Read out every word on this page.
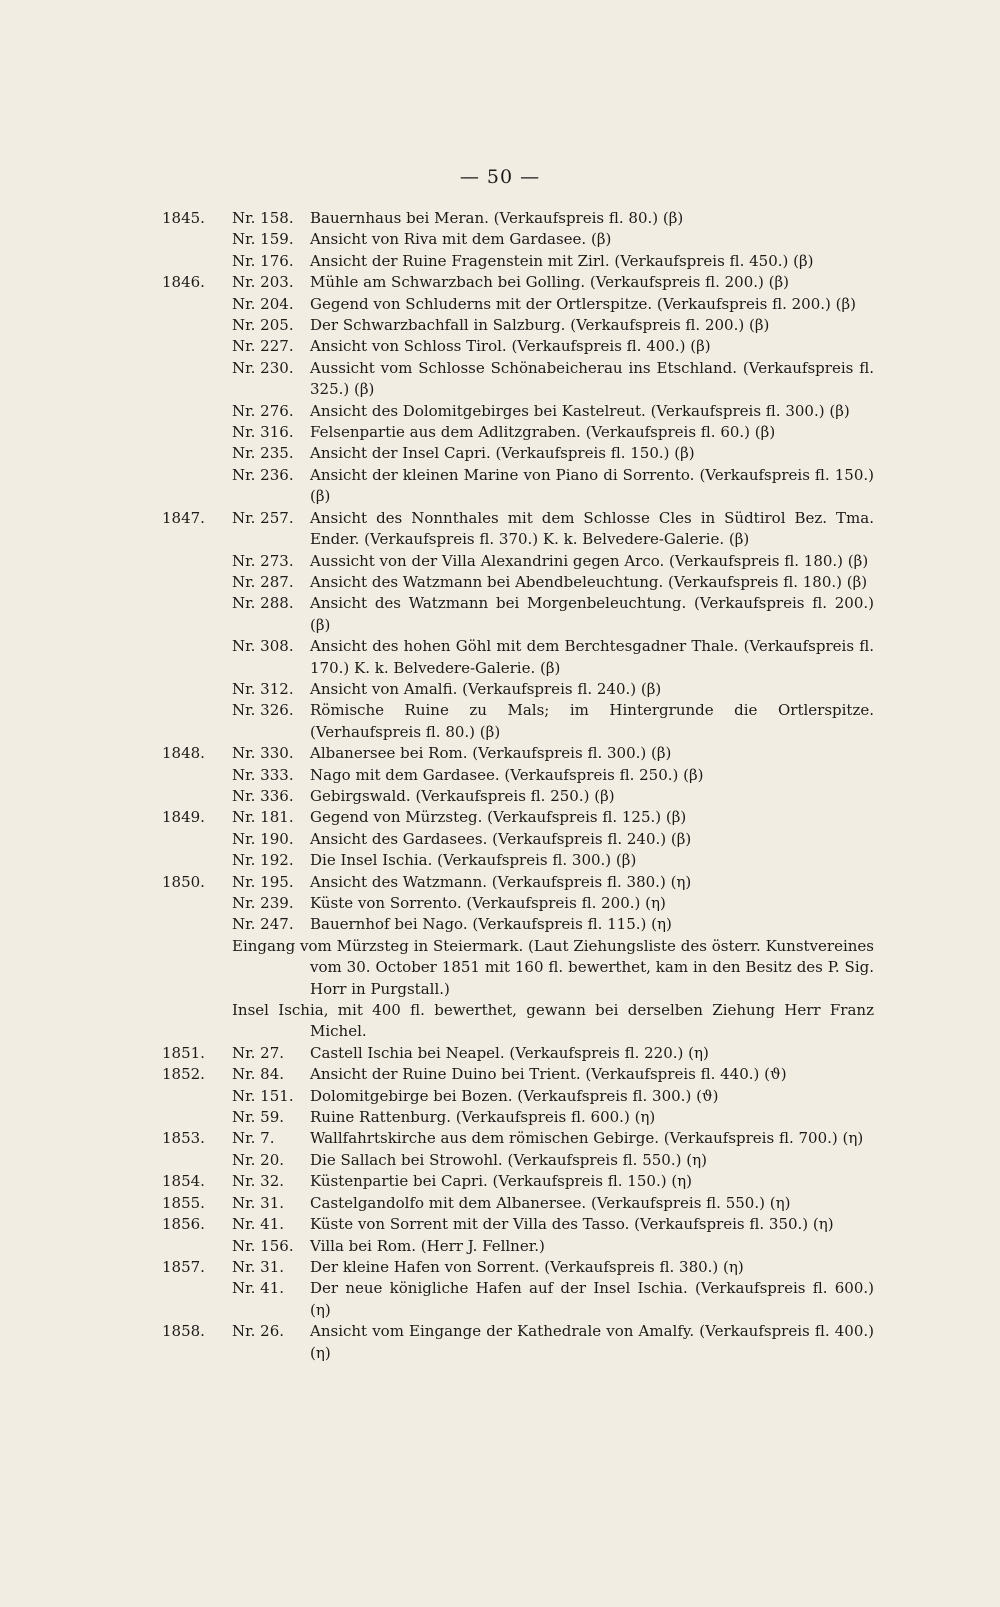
— 50 —

1845.	Nr. 158. Bauernhaus bei Meran. (Verkaufspreis fl. 80.) (β)

Nr. 159. Ansicht von Riva mit dem Gardasee. (β)

Nr. 176. Ansicht der Ruine Fragenstein mit Zirl. (Verkaufspreis fl. 450.) (β)

1846.	Nr. 203. Mühle am Schwarzbach bei Golling. (Verkaufspreis fl. 200.) (β)

Nr. 204. Gegend von Schluderns mit der Ortlerspitze. (Verkaufspreis fl. 200.) (β)

Nr. 205. Der Schwarzbachfall in Salzburg. (Verkaufspreis fl. 200.) (β)

Nr. 227. Ansicht von Schloss Tirol. (Verkaufspreis fl. 400.) (β)

Nr. 230. Aussicht vom Schlosse Schönabeicherau ins Etschland. (Verkaufspreis fl. 325.) (β)

Nr. 276. Ansicht des Dolomitgebirges bei Kastelreut. (Verkaufspreis fl. 300.) (β)

Nr. 316. Felsenpartie aus dem Adlitzgraben. (Verkaufspreis fl. 60.) (β)

Nr. 235. Ansicht der Insel Capri. (Verkaufspreis fl. 150.) (β)

Nr. 236. Ansicht der kleinen Marine von Piano di Sorrento. (Verkaufspreis fl. 150.) (β)

1847.	Nr. 257. Ansicht des Nonnthales mit dem Schlosse Cles in Südtirol Bez. Tma. Ender. (Verkaufspreis fl. 370.) K. k. Belvedere-Galerie. (β)

Nr. 273. Aussicht von der Villa Alexandrini gegen Arco. (Verkaufspreis fl. 180.) (β)

Nr. 287. Ansicht des Watzmann bei Abendbeleuchtung. (Verkaufspreis fl. 180.) (β)

Nr. 288. Ansicht des Watzmann bei Morgenbeleuchtung. (Verkaufspreis fl. 200.) (β)

Nr. 308. Ansicht des hohen Göhl mit dem Berchtesgadner Thale. (Verkaufspreis fl. 170.) K. k. Belvedere-Galerie. (β)

Nr. 312. Ansicht von Amalfi. (Verkaufspreis fl. 240.) (β)

Nr. 326. Römische Ruine zu Mals; im Hintergrunde die Ortlerspitze. (Verhaufspreis fl. 80.) (β)

1848.	Nr. 330. Albanersee bei Rom. (Verkaufspreis fl. 300.) (β)

Nr. 333. Nago mit dem Gardasee. (Verkaufspreis fl. 250.) (β)

Nr. 336. Gebirgswald. (Verkaufspreis fl. 250.) (β)

1849.	Nr. 181. Gegend von Mürzsteg. (Verkaufspreis fl. 125.) (β)

Nr. 190. Ansicht des Gardasees. (Verkaufspreis fl. 240.) (β)

Nr. 192. Die Insel Ischia. (Verkaufspreis fl. 300.) (β)

1850.	Nr. 195. Ansicht des Watzmann. (Verkaufspreis fl. 380.) (η)

Nr. 239. Küste von Sorrento. (Verkaufspreis fl. 200.) (η)

Nr. 247. Bauernhof bei Nago. (Verkaufspreis fl. 115.) (η)

Eingang vom Mürzsteg in Steiermark. (Laut Ziehungsliste des österr. Kunstvereines vom 30. October 1851 mit 160 fl. bewerthet, kam in den Besitz des P. Sig. Horr in Purgstall.)

Insel Ischia, mit 400 fl. bewerthet, gewann bei derselben Ziehung Herr Franz Michel.

1851.	Nr. 27. Castell Ischia bei Neapel. (Verkaufspreis fl. 220.) (η)

1852.	Nr. 84. Ansicht der Ruine Duino bei Trient. (Verkaufspreis fl. 440.) (ϑ)

Nr. 151. Dolomitgebirge bei Bozen. (Verkaufspreis fl. 300.) (ϑ)

Nr. 59. Ruine Rattenburg. (Verkaufspreis fl. 600.) (η)

1853.	Nr. 7. Wallfahrtskirche aus dem römischen Gebirge. (Verkaufspreis fl. 700.) (η)

Nr. 20. Die Sallach bei Strowohl. (Verkaufspreis fl. 550.) (η)

1854.	Nr. 32. Küstenpartie bei Capri. (Verkaufspreis fl. 150.) (η)

1855.	Nr. 31. Castelgandolfo mit dem Albanersee. (Verkaufspreis fl. 550.) (η)

1856.	Nr. 41. Küste von Sorrent mit der Villa des Tasso. (Verkaufspreis fl. 350.) (η)

Nr. 156. Villa bei Rom. (Herr J. Fellner.)

1857.	Nr. 31. Der kleine Hafen von Sorrent. (Verkaufspreis fl. 380.) (η)

Nr. 41. Der neue königliche Hafen auf der Insel Ischia. (Verkaufspreis fl. 600.) (η)

1858.	Nr. 26. Ansicht vom Eingange der Kathedrale von Amalfy. (Verkaufspreis fl. 400.) (η)
